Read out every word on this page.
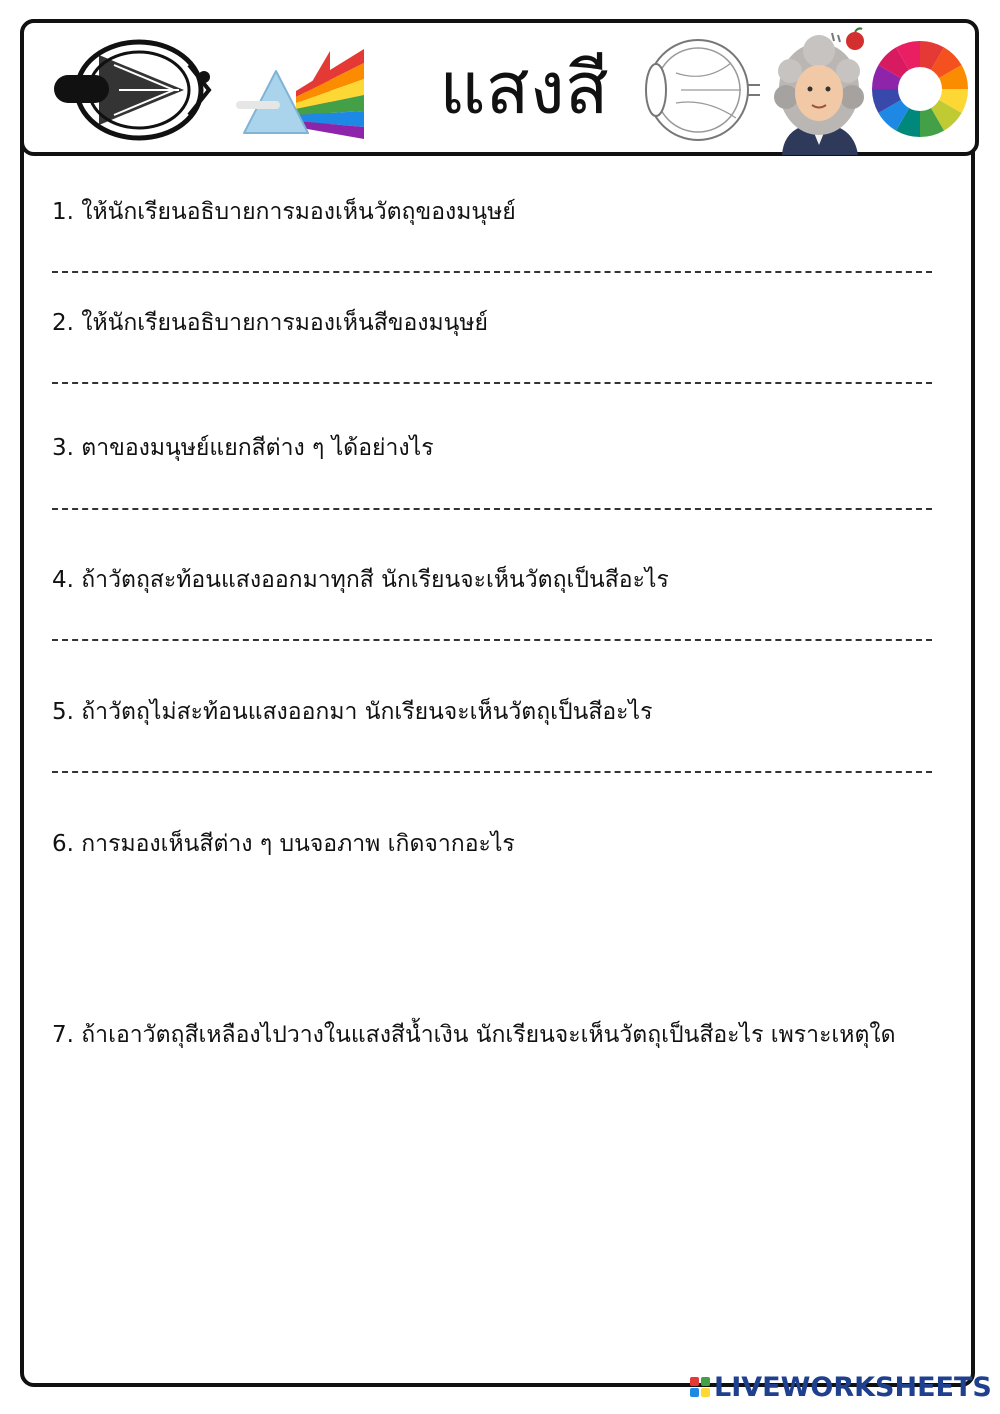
แสงสี
1. ให้นักเรียนอธิบายการมองเห็นวัตถุของมนุษย์
2. ให้นักเรียนอธิบายการมองเห็นสีของมนุษย์
3. ตาของมนุษย์แยกสีต่าง ๆ ได้อย่างไร
4. ถ้าวัตถุสะท้อนแสงออกมาทุกสี นักเรียนจะเห็นวัตถุเป็นสีอะไร
5. ถ้าวัตถุไม่สะท้อนแสงออกมา นักเรียนจะเห็นวัตถุเป็นสีอะไร
6. การมองเห็นสีต่าง ๆ บนจอภาพ เกิดจากอะไร
7. ถ้าเอาวัตถุสีเหลืองไปวางในแสงสีน้ำเงิน นักเรียนจะเห็นวัตถุเป็นสีอะไร เพราะเหตุใด
LIVEWORKSHEETS
